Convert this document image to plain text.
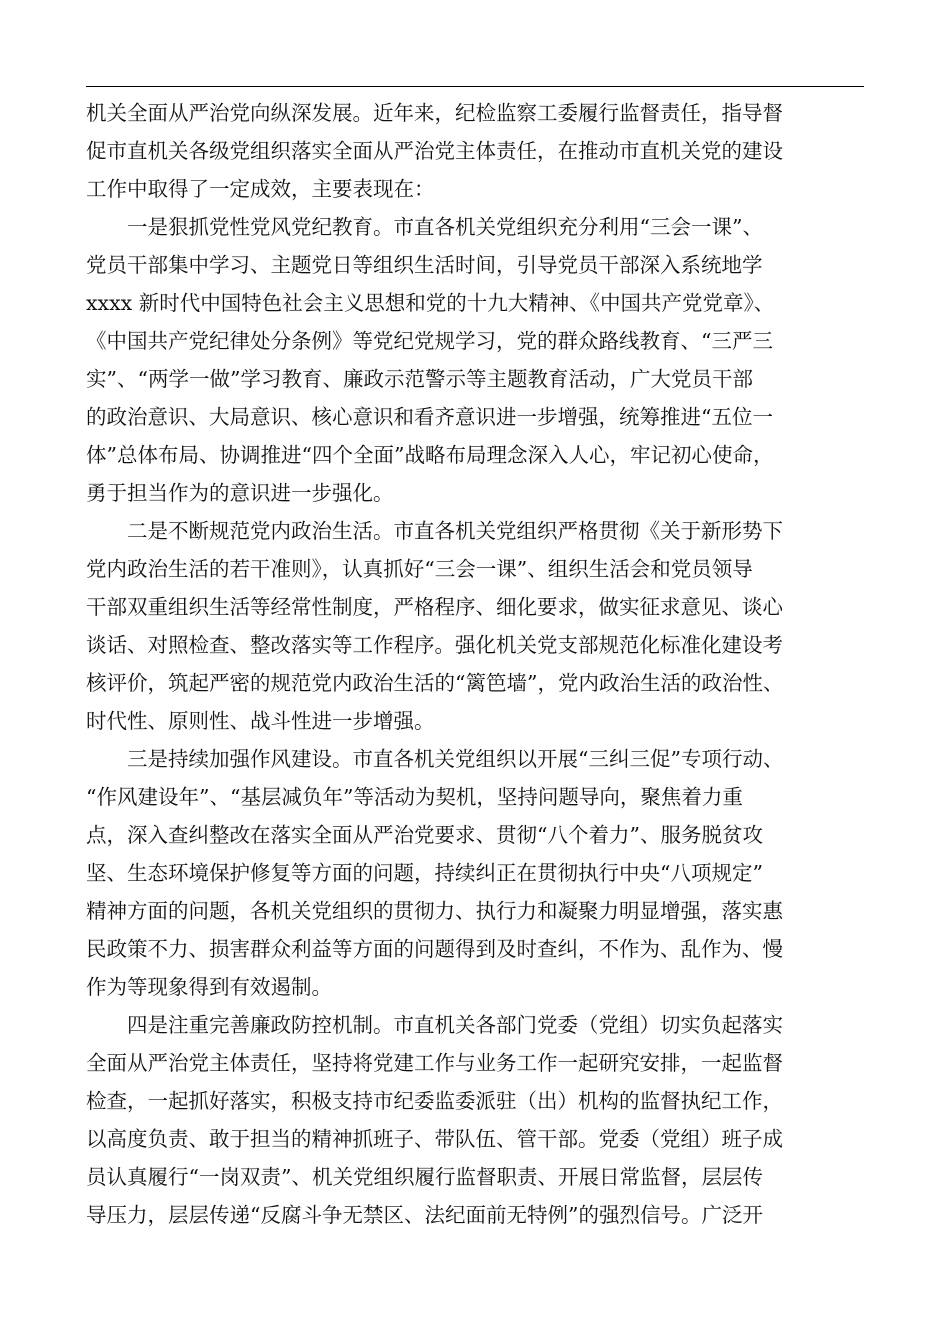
机关全面从严治党向纵深发展。近年来，纪检监察工委履行监督责任，指导督
促市直机关各级党组织落实全面从严治党主体责任，在推动市直机关党的建设
工作中取得了一定成效，主要表现在：
一是狠抓党性党风党纪教育。市直各机关党组织充分利用“三会一课”、
党员干部集中学习、主题党日等组织生活时间，引导党员干部深入系统地学
xxxx 新时代中国特色社会主义思想和党的十九大精神、《中国共产党党章》、
《中国共产党纪律处分条例》等党纪党规学习，党的群众路线教育、“三严三
实”、“两学一做”学习教育、廉政示范警示等主题教育活动，广大党员干部
的政治意识、大局意识、核心意识和看齐意识进一步增强，统筹推进“五位一
体”总体布局、协调推进“四个全面”战略布局理念深入人心，牢记初心使命，
勇于担当作为的意识进一步强化。
二是不断规范党内政治生活。市直各机关党组织严格贯彻《关于新形势下
党内政治生活的若干准则》，认真抓好“三会一课”、组织生活会和党员领导
干部双重组织生活等经常性制度，严格程序、细化要求，做实征求意见、谈心
谈话、对照检查、整改落实等工作程序。强化机关党支部规范化标准化建设考
核评价，筑起严密的规范党内政治生活的“篱笆墙”，党内政治生活的政治性、
时代性、原则性、战斗性进一步增强。
三是持续加强作风建设。市直各机关党组织以开展“三纠三促”专项行动、
“作风建设年”、“基层减负年”等活动为契机，坚持问题导向，聚焦着力重
点，深入查纠整改在落实全面从严治党要求、贯彻“八个着力”、服务脱贫攻
坚、生态环境保护修复等方面的问题，持续纠正在贯彻执行中央“八项规定”
精神方面的问题，各机关党组织的贯彻力、执行力和凝聚力明显增强，落实惠
民政策不力、损害群众利益等方面的问题得到及时查纠，不作为、乱作为、慢
作为等现象得到有效遏制。
四是注重完善廉政防控机制。市直机关各部门党委（党组）切实负起落实
全面从严治党主体责任，坚持将党建工作与业务工作一起研究安排，一起监督
检查，一起抓好落实，积极支持市纪委监委派驻（出）机构的监督执纪工作，
以高度负责、敢于担当的精神抓班子、带队伍、管干部。党委（党组）班子成
员认真履行“一岗双责”、机关党组织履行监督职责、开展日常监督，层层传
导压力，层层传递“反腐斗争无禁区、法纪面前无特例”的强烈信号。广泛开
